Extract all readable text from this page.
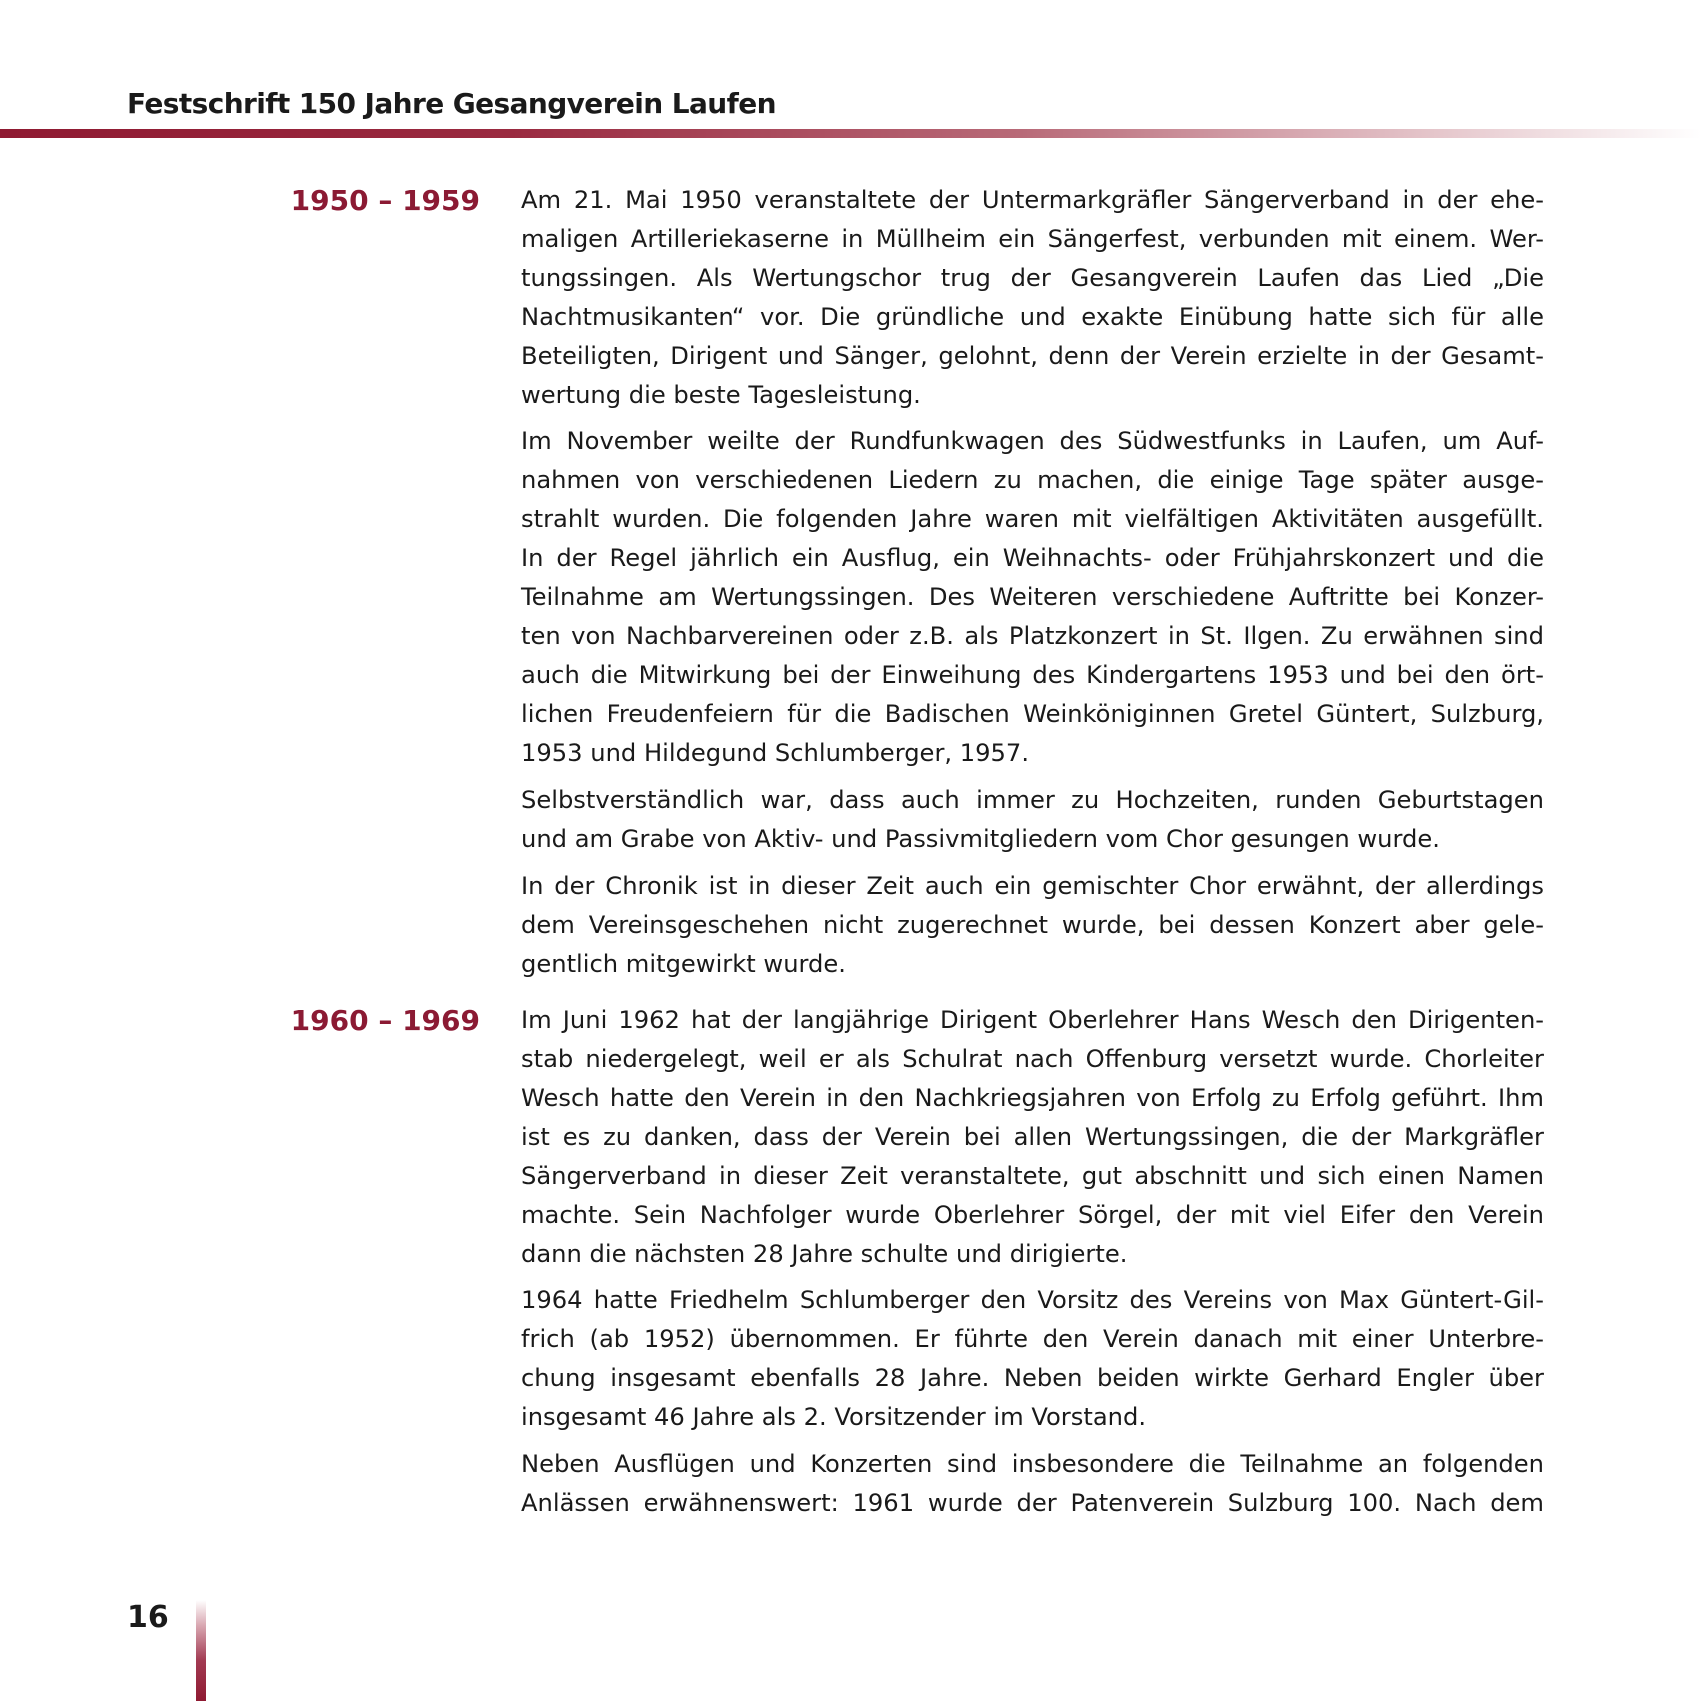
Festschrift 150 Jahre Gesangverein Laufen
1950 – 1959
1960 – 1969

Am 21. Mai 1950 veranstaltete der Untermarkgräfler Sängerverband in der ehe-
maligen Artilleriekaserne in Müllheim ein Sängerfest, verbunden mit einem. Wer-
tungssingen. Als Wertungschor trug der Gesangverein Laufen das Lied „Die
Nachtmusikanten“ vor. Die gründliche und exakte Einübung hatte sich für alle
Beteiligten, Dirigent und Sänger, gelohnt, denn der Verein erzielte in der Gesamt-
wertung die beste Tagesleistung.

Im November weilte der Rundfunkwagen des Südwestfunks in Laufen, um Auf-
nahmen von verschiedenen Liedern zu machen, die einige Tage später ausge-
strahlt wurden. Die folgenden Jahre waren mit vielfältigen Aktivitäten ausgefüllt.
In der Regel jährlich ein Ausflug, ein Weihnachts- oder Frühjahrskonzert und die
Teilnahme am Wertungssingen. Des Weiteren verschiedene Auftritte bei Konzer-
ten von Nachbarvereinen oder z.B. als Platzkonzert in St. Ilgen. Zu erwähnen sind
auch die Mitwirkung bei der Einweihung des Kindergartens 1953 und bei den ört-
lichen Freudenfeiern für die Badischen Weinköniginnen Gretel Güntert, Sulzburg,
1953 und Hildegund Schlumberger, 1957.

Selbstverständlich war, dass auch immer zu Hochzeiten, runden Geburtstagen
und am Grabe von Aktiv- und Passivmitgliedern vom Chor gesungen wurde.

In der Chronik ist in dieser Zeit auch ein gemischter Chor erwähnt, der allerdings
dem Vereinsgeschehen nicht zugerechnet wurde, bei dessen Konzert aber gele-
gentlich mitgewirkt wurde.

Im Juni 1962 hat der langjährige Dirigent Oberlehrer Hans Wesch den Dirigenten-
stab niedergelegt, weil er als Schulrat nach Offenburg versetzt wurde. Chorleiter
Wesch hatte den Verein in den Nachkriegsjahren von Erfolg zu Erfolg geführt. Ihm
ist es zu danken, dass der Verein bei allen Wertungssingen, die der Markgräfler
Sängerverband in dieser Zeit veranstaltete, gut abschnitt und sich einen Namen
machte. Sein Nachfolger wurde Oberlehrer Sörgel, der mit viel Eifer den Verein
dann die nächsten 28 Jahre schulte und dirigierte.

1964 hatte Friedhelm Schlumberger den Vorsitz des Vereins von Max Güntert-Gil-
frich (ab 1952) übernommen. Er führte den Verein danach mit einer Unterbre-
chung insgesamt ebenfalls 28 Jahre. Neben beiden wirkte Gerhard Engler über
insgesamt 46 Jahre als 2. Vorsitzender im Vorstand.

Neben Ausflügen und Konzerten sind insbesondere die Teilnahme an folgenden
Anlässen erwähnenswert: 1961 wurde der Patenverein Sulzburg 100. Nach dem

16
